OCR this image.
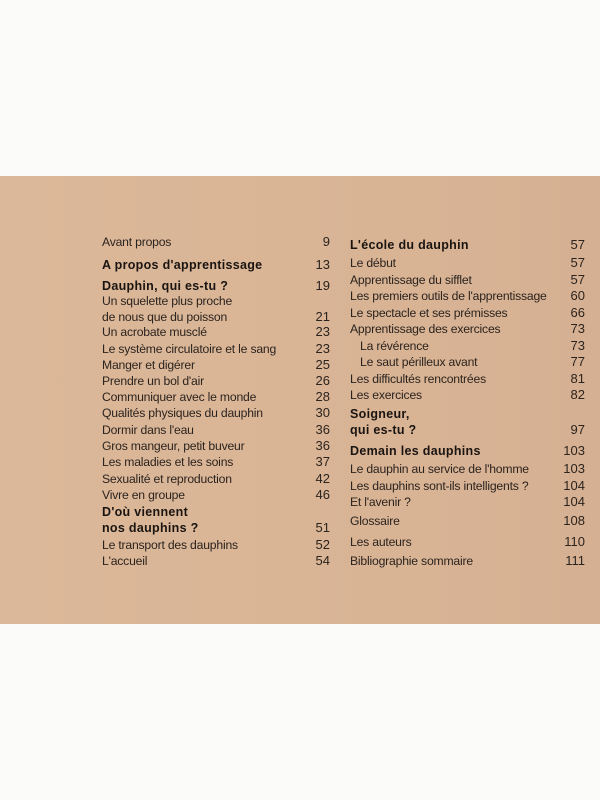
Avant propos	9
A propos d'apprentissage	13
Dauphin, qui es-tu ?	19
Un squelette plus proche
de nous que du poisson	21
Un acrobate musclé	23
Le système circulatoire et le sang	23
Manger et digérer	25
Prendre un bol d'air	26
Communiquer avec le monde	28
Qualités physiques du dauphin	30
Dormir dans l'eau	36
Gros mangeur, petit buveur	36
Les maladies et les soins	37
Sexualité et reproduction	42
Vivre en groupe	46
D'où viennent
nos dauphins ?	51
Le transport des dauphins	52
L'accueil	54
L'école du dauphin	57
Le début	57
Apprentissage du sifflet	57
Les premiers outils de l'apprentissage 60
Le spectacle et ses prémisses	66
Apprentissage des exercices	73
La révérence	73
Le saut périlleux avant	77
Les difficultés rencontrées	81
Les exercices	82
Soigneur,
qui es-tu ?	97
Demain les dauphins	103
Le dauphin au service de l'homme	103
Les dauphins sont-ils intelligents ?	104
Et l'avenir ?	104
Glossaire	108
Les auteurs	110
Bibliographie sommaire	111
